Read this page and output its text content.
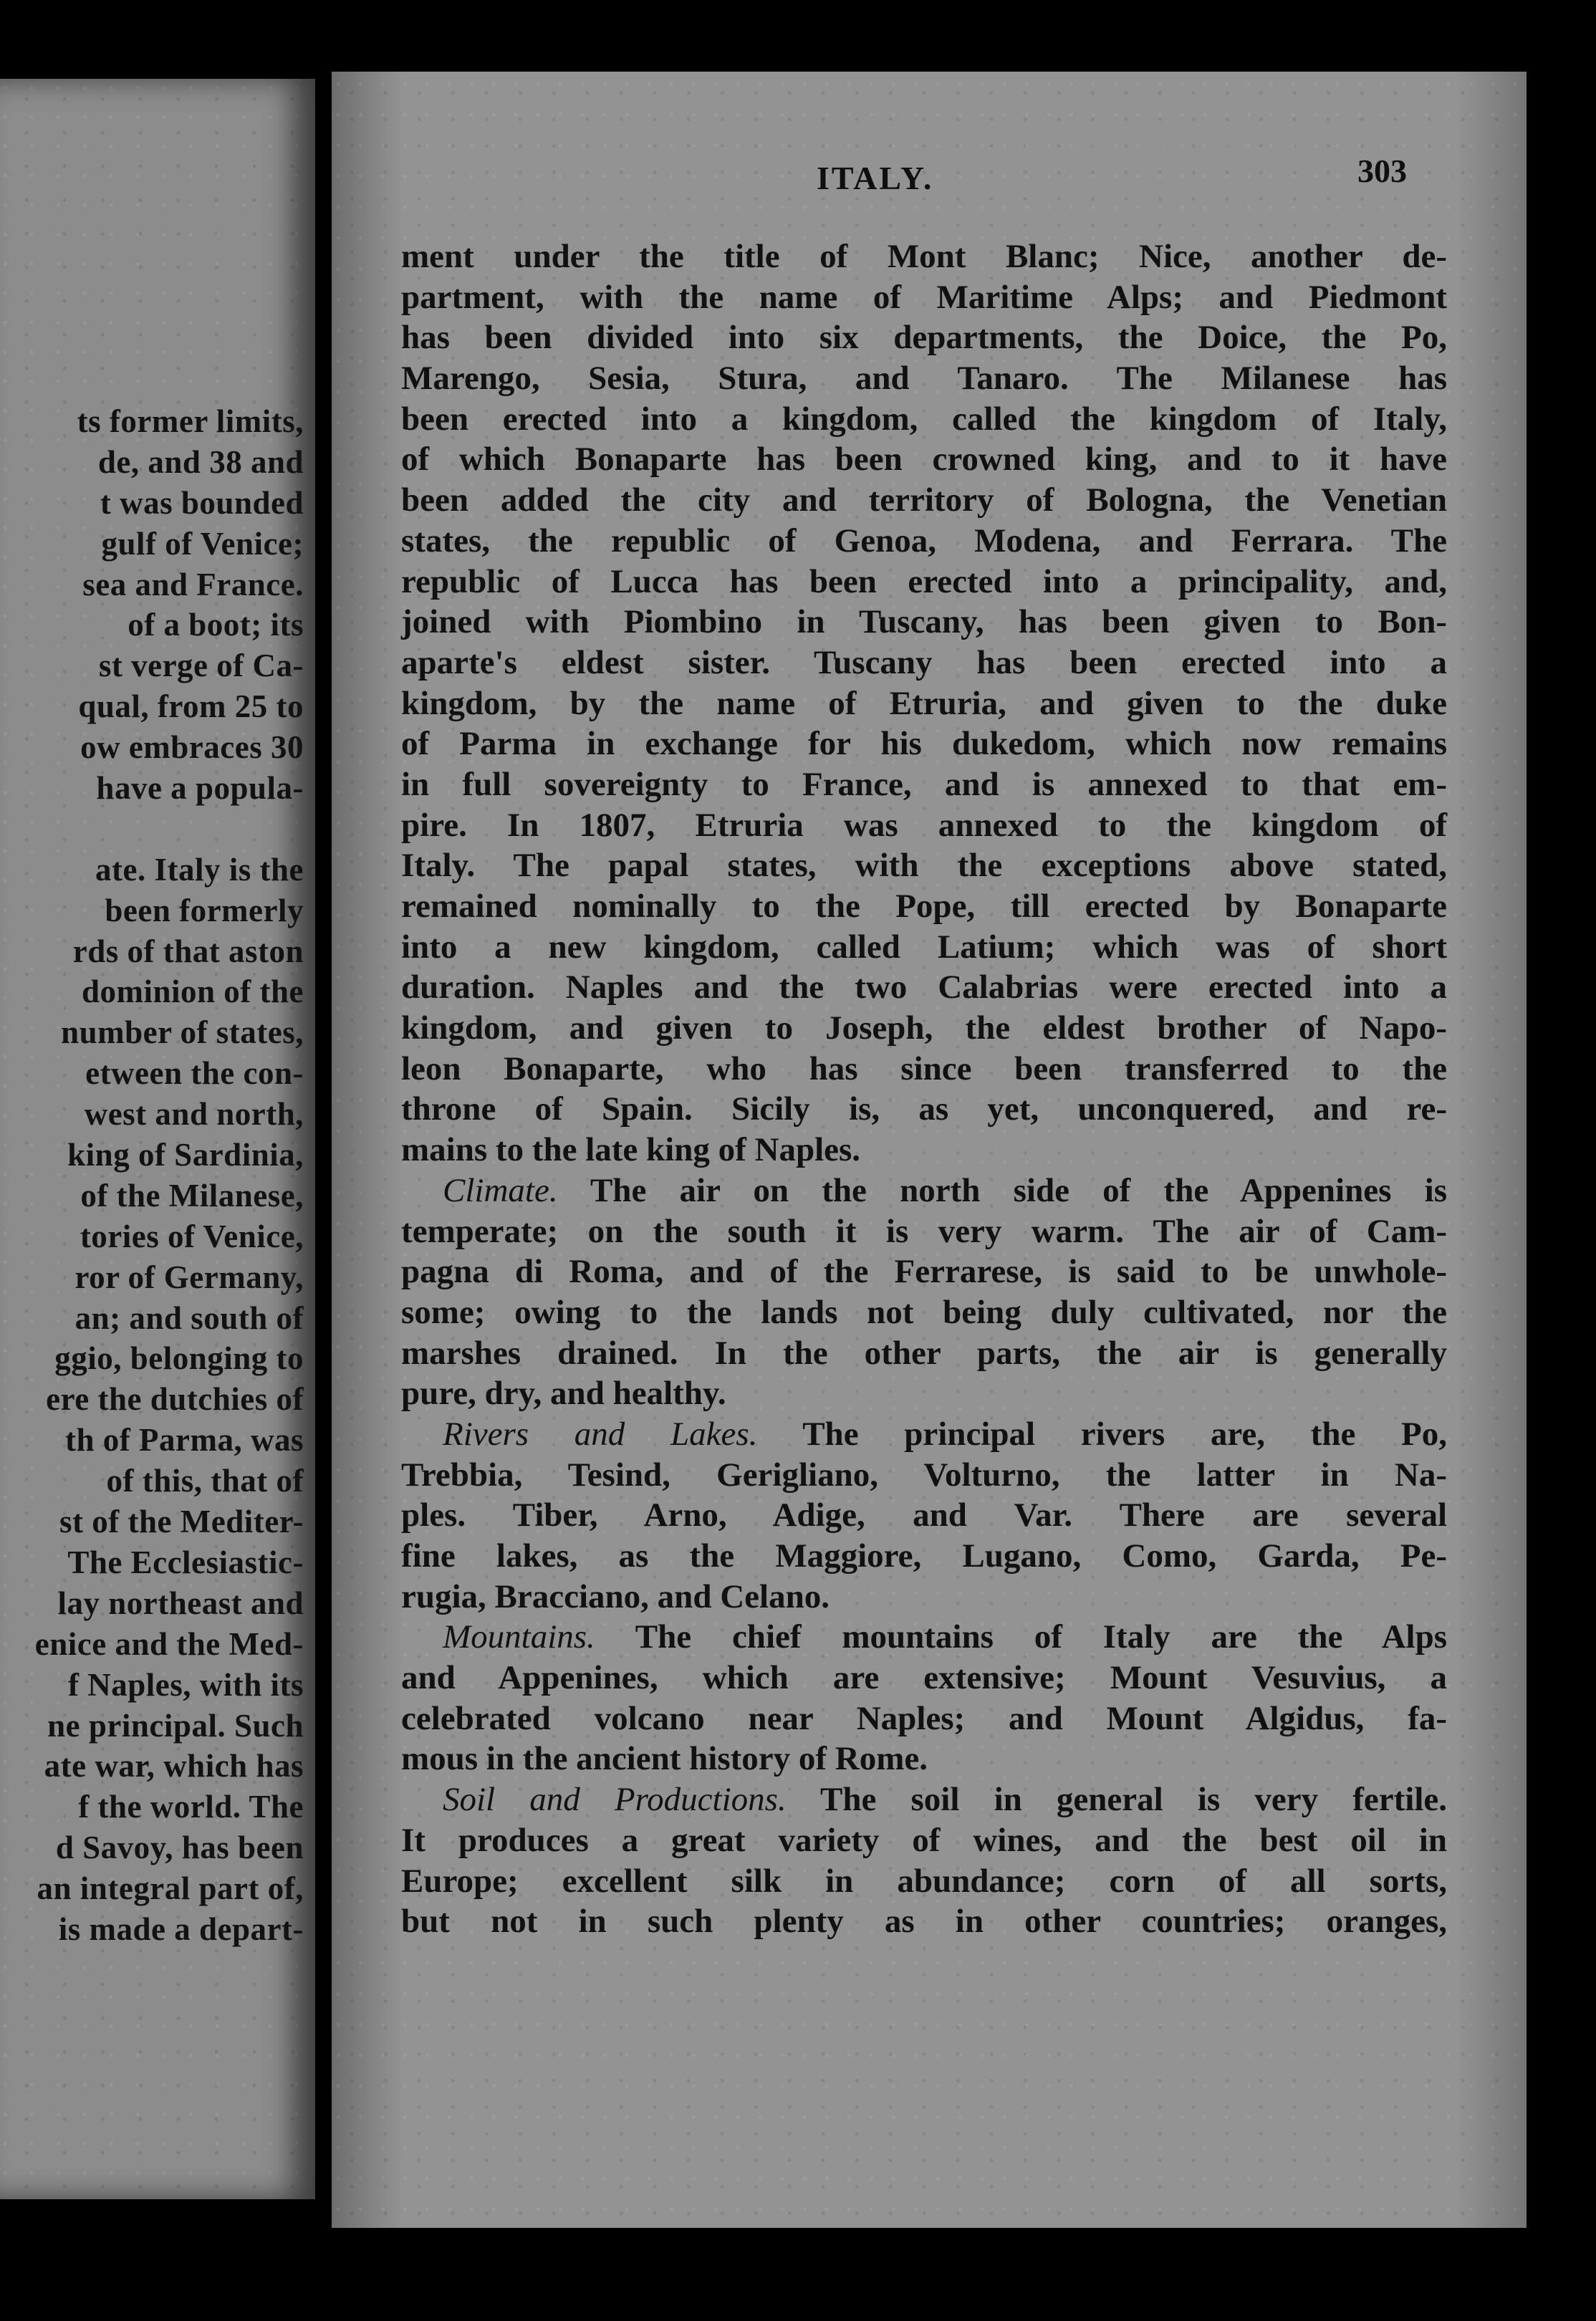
ts former limits,
de, and 38 and
t was bounded
gulf of Venice;
sea and France.
of a boot; its
st verge of Ca-
qual, from 25 to
ow embraces 30
have a popula-
ate. Italy is the
been formerly
rds of that aston
dominion of the
number of states,
etween the con-
west and north,
king of Sardinia,
of the Milanese,
tories of Venice,
ror of Germany,
an; and south of
ggio, belonging to
ere the dutchies of
th of Parma, was
of this, that of
st of the Mediter-
The Ecclesiastic-
lay northeast and
enice and the Med-
f Naples, with its
ne principal. Such
ate war, which has
f the world. The
d Savoy, has been
an integral part of,
is made a depart-
ITALY.	303
ment under the title of Mont Blanc; Nice, another de-
partment, with the name of Maritime Alps; and Piedmont
has been divided into six departments, the Doice, the Po,
Marengo, Sesia, Stura, and Tanaro. The Milanese has
been erected into a kingdom, called the kingdom of Italy,
of which Bonaparte has been crowned king, and to it have
been added the city and territory of Bologna, the Venetian
states, the republic of Genoa, Modena, and Ferrara. The
republic of Lucca has been erected into a principality, and,
joined with Piombino in Tuscany, has been given to Bon-
aparte's eldest sister. Tuscany has been erected into a
kingdom, by the name of Etruria, and given to the duke
of Parma in exchange for his dukedom, which now remains
in full sovereignty to France, and is annexed to that em-
pire. In 1807, Etruria was annexed to the kingdom of
Italy. The papal states, with the exceptions above stated,
remained nominally to the Pope, till erected by Bonaparte
into a new kingdom, called Latium; which was of short
duration. Naples and the two Calabrias were erected into a
kingdom, and given to Joseph, the eldest brother of Napo-
leon Bonaparte, who has since been transferred to the
throne of Spain. Sicily is, as yet, unconquered, and re-
mains to the late king of Naples.
Climate. The air on the north side of the Appenines is
temperate; on the south it is very warm. The air of Cam-
pagna di Roma, and of the Ferrarese, is said to be unwhole-
some; owing to the lands not being duly cultivated, nor the
marshes drained. In the other parts, the air is generally
pure, dry, and healthy.
Rivers and Lakes. The principal rivers are, the Po,
Trebbia, Tesind, Gerigliano, Volturno, the latter in Na-
ples. Tiber, Arno, Adige, and Var. There are several
fine lakes, as the Maggiore, Lugano, Como, Garda, Pe-
rugia, Bracciano, and Celano.
Mountains. The chief mountains of Italy are the Alps
and Appenines, which are extensive; Mount Vesuvius, a
celebrated volcano near Naples; and Mount Algidus, fa-
mous in the ancient history of Rome.
Soil and Productions. The soil in general is very fertile.
It produces a great variety of wines, and the best oil in
Europe; excellent silk in abundance; corn of all sorts,
but not in such plenty as in other countries; oranges,
